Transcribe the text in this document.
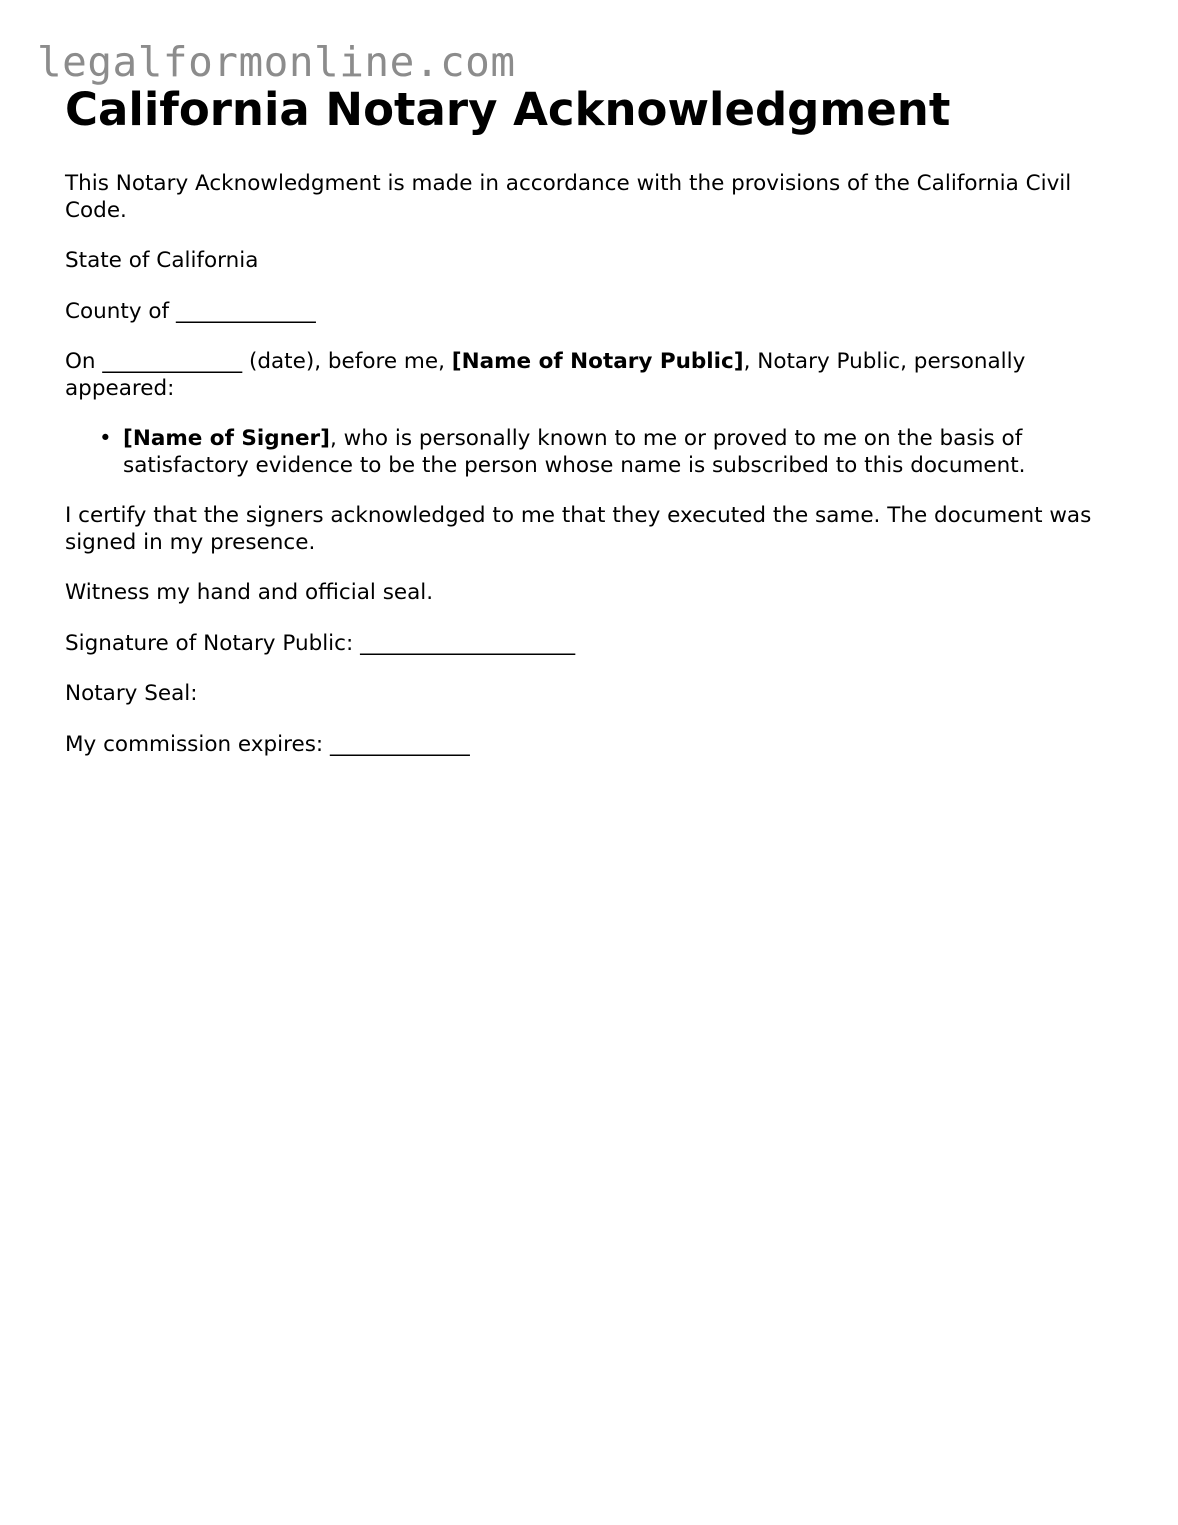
legalformonline.com
California Notary Acknowledgment

This Notary Acknowledgment is made in accordance with the provisions of the California Civil Code.

State of California

County of _____________

On _____________ (date), before me, [Name of Notary Public], Notary Public, personally appeared:

• [Name of Signer], who is personally known to me or proved to me on the basis of satisfactory evidence to be the person whose name is subscribed to this document.

I certify that the signers acknowledged to me that they executed the same. The document was signed in my presence.

Witness my hand and official seal.

Signature of Notary Public: ____________________

Notary Seal:

My commission expires: _____________
